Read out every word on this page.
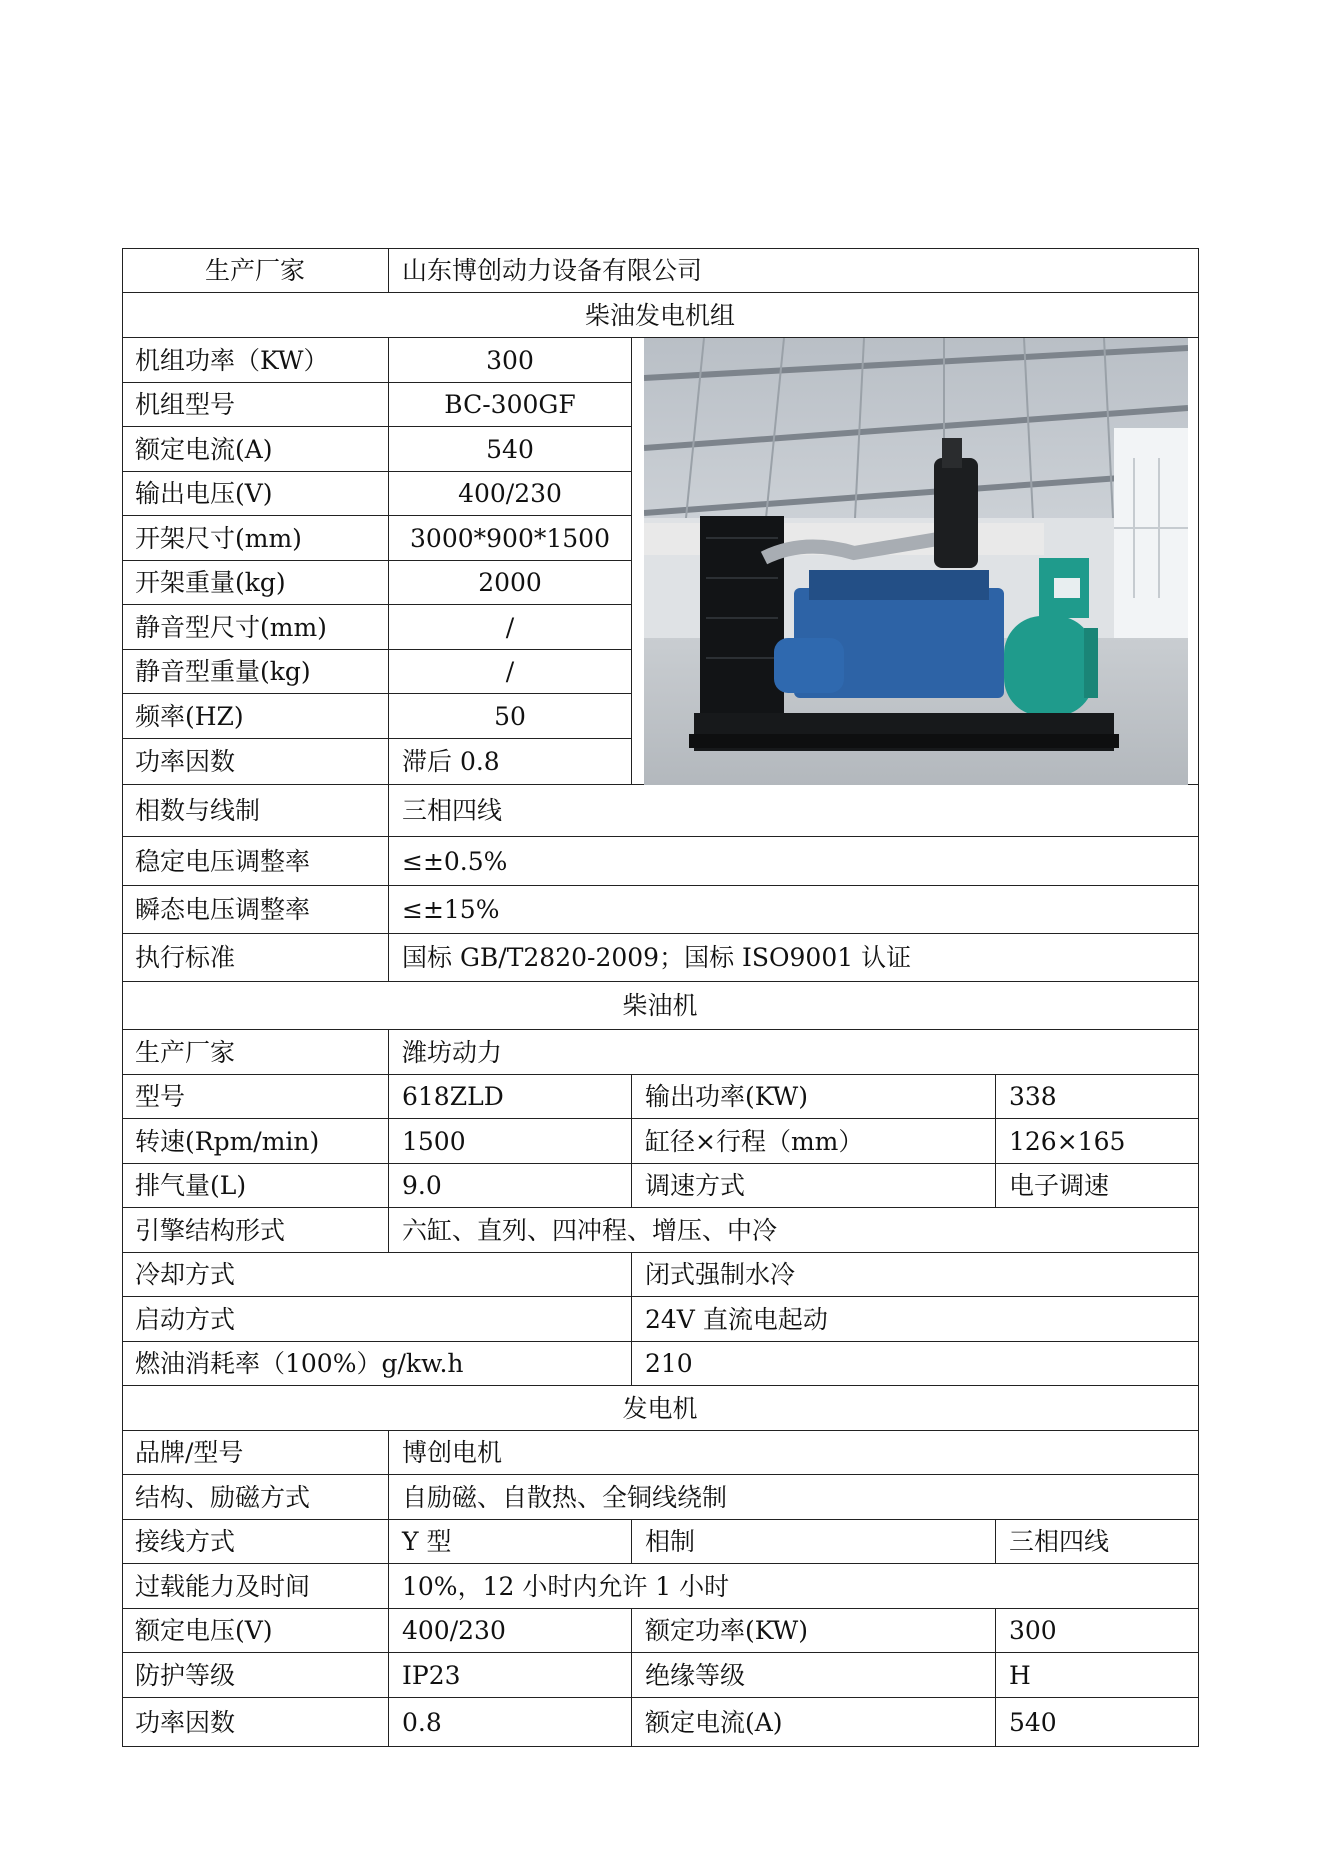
生产厂家	山东博创动力设备有限公司
柴油发电机组
机组功率（KW）	300
机组型号	BC-300GF
额定电流(A)	540
输出电压(V)	400/230
开架尺寸(mm)	3000*900*1500
开架重量(kg)	2000
静音型尺寸(mm)	/
静音型重量(kg)	/
频率(HZ)	50
功率因数	滞后 0.8
相数与线制	三相四线
稳定电压调整率	≤±0.5%
瞬态电压调整率	≤±15%
执行标准	国标 GB/T2820-2009；国标 ISO9001 认证
柴油机
生产厂家	潍坊动力
型号	618ZLD	输出功率(KW)	338
转速(Rpm/min)	1500	缸径×行程（mm）	126×165
排气量(L)	9.0	调速方式	电子调速
引擎结构形式	六缸、直列、四冲程、增压、中冷
冷却方式	闭式强制水冷
启动方式	24V 直流电起动
燃油消耗率（100%）g/kw.h	210
发电机
品牌/型号	博创电机
结构、励磁方式	自励磁、自散热、全铜线绕制
接线方式	Y 型	相制	三相四线
过载能力及时间	10%，12 小时内允许 1 小时
额定电压(V)	400/230	额定功率(KW)	300
防护等级	IP23	绝缘等级	H
功率因数	0.8	额定电流(A)	540
